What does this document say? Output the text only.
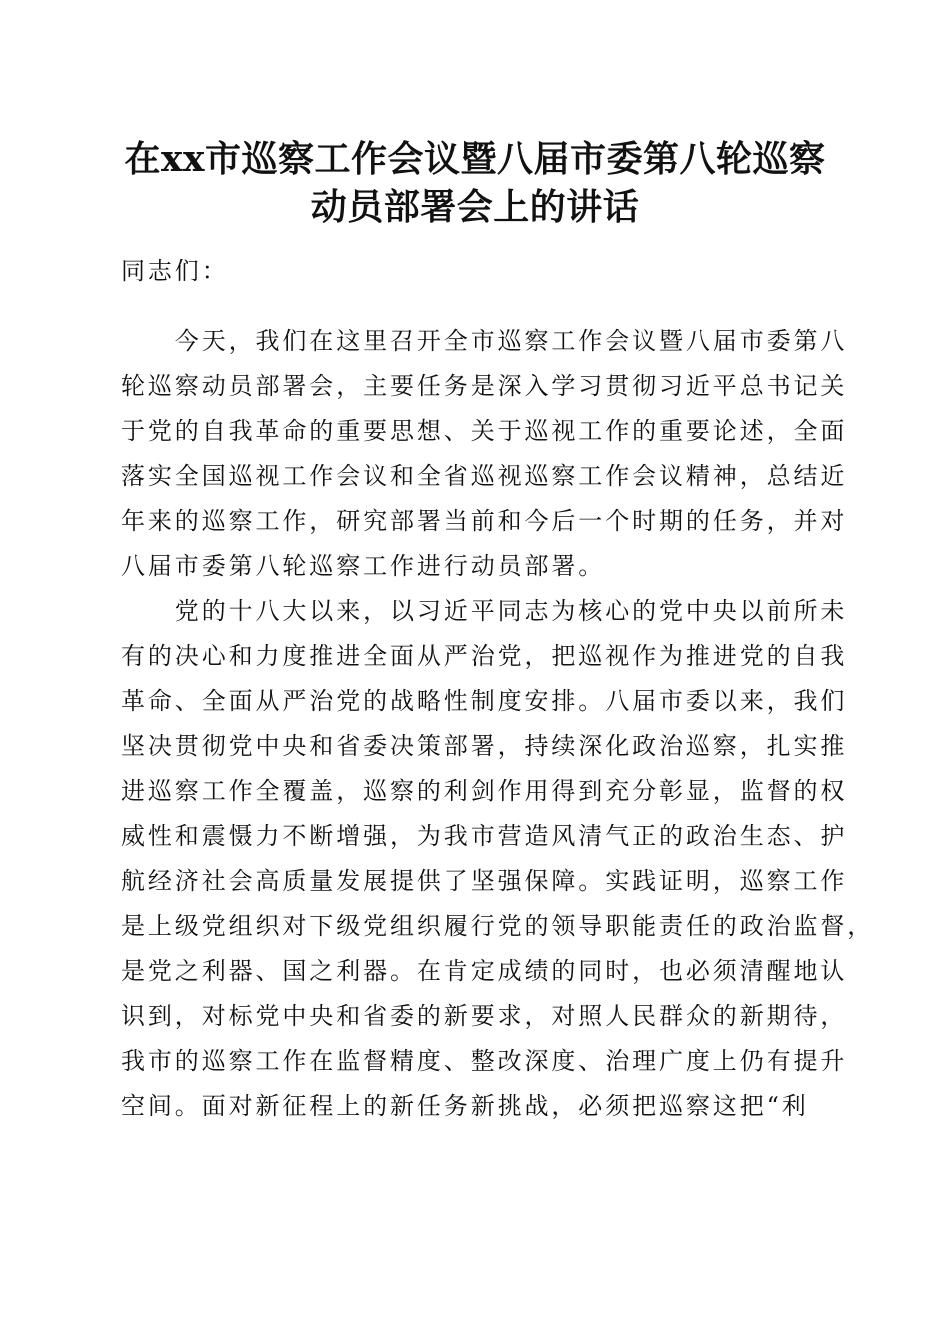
在xx市巡察工作会议暨八届市委第八轮巡察
动员部署会上的讲话
同志们：
　　今天，我们在这里召开全市巡察工作会议暨八届市委第八
轮巡察动员部署会，主要任务是深入学习贯彻习近平总书记关
于党的自我革命的重要思想、关于巡视工作的重要论述，全面
落实全国巡视工作会议和全省巡视巡察工作会议精神，总结近
年来的巡察工作，研究部署当前和今后一个时期的任务，并对
八届市委第八轮巡察工作进行动员部署。
　　党的十八大以来，以习近平同志为核心的党中央以前所未
有的决心和力度推进全面从严治党，把巡视作为推进党的自我
革命、全面从严治党的战略性制度安排。八届市委以来，我们
坚决贯彻党中央和省委决策部署，持续深化政治巡察，扎实推
进巡察工作全覆盖，巡察的利剑作用得到充分彰显，监督的权
威性和震慑力不断增强，为我市营造风清气正的政治生态、护
航经济社会高质量发展提供了坚强保障。实践证明，巡察工作
是上级党组织对下级党组织履行党的领导职能责任的政治监督，
是党之利器、国之利器。在肯定成绩的同时，也必须清醒地认
识到，对标党中央和省委的新要求，对照人民群众的新期待，
我市的巡察工作在监督精度、整改深度、治理广度上仍有提升
空间。面对新征程上的新任务新挑战，必须把巡察这把“利
